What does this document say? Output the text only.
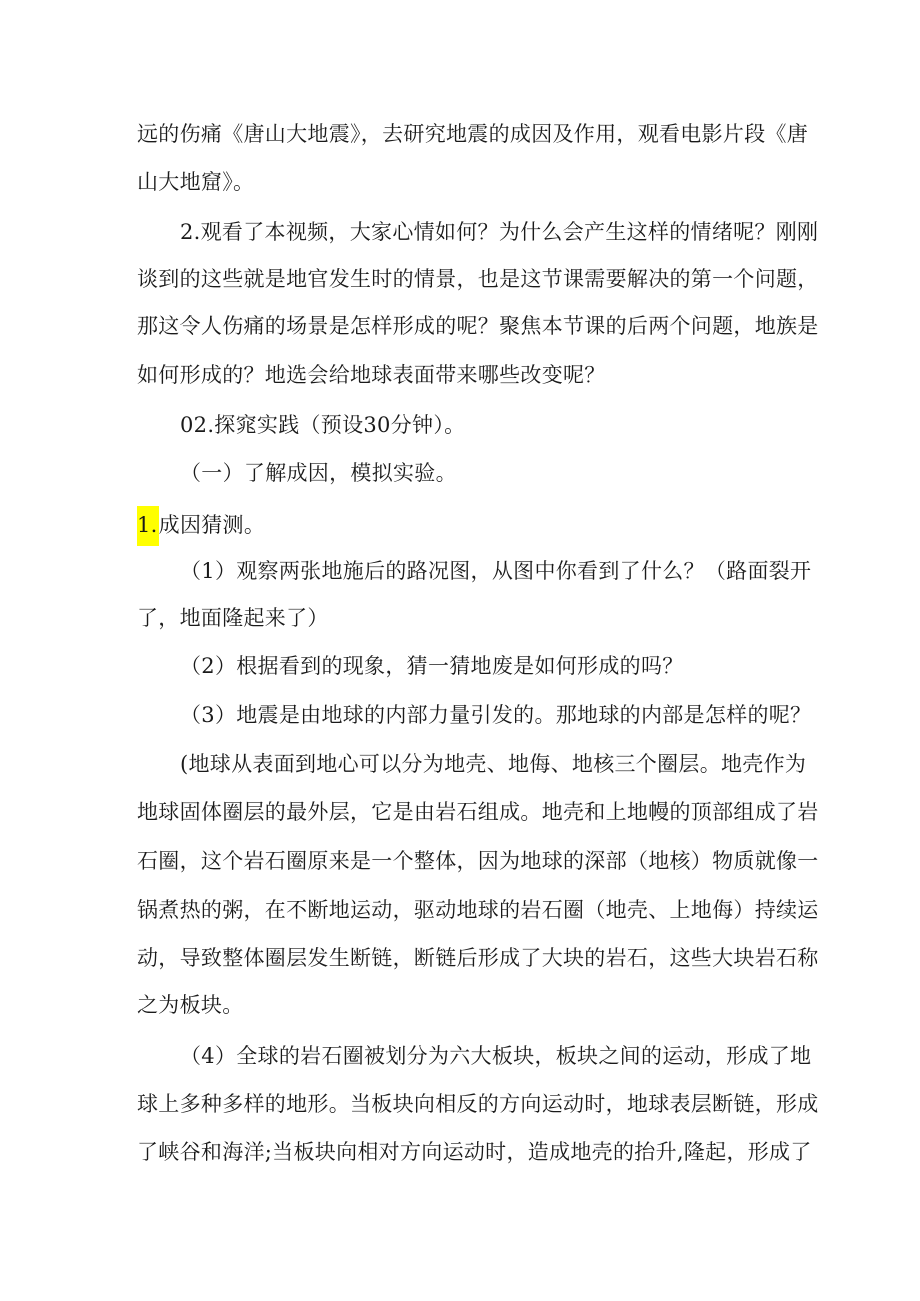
远的伤痛《唐山大地震》，去研究地震的成因及作用，观看电影片段《唐
山大地窟》。
2.观看了本视频，大家心情如何？为什么会产生这样的情绪呢？刚刚
谈到的这些就是地官发生时的情景，也是这节课需要解决的第一个问题，
那这令人伤痛的场景是怎样形成的呢？聚焦本节课的后两个问题，地族是
如何形成的？地选会给地球表面带来哪些改变呢？
02.探窕实践（预设30分钟）。
（一）了解成因，模拟实验。
1.成因猜测。
（1）观察两张地施后的路况图，从图中你看到了什么？（路面裂开
了，地面隆起来了）
（2）根据看到的现象，猜一猜地废是如何形成的吗？
（3）地震是由地球的内部力量引发的。那地球的内部是怎样的呢？
(地球从表面到地心可以分为地壳、地侮、地核三个圈层。地壳作为
地球固体圈层的最外层，它是由岩石组成。地壳和上地幔的顶部组成了岩
石圈，这个岩石圈原来是一个整体，因为地球的深部（地核）物质就像一
锅煮热的粥，在不断地运动，驱动地球的岩石圈（地壳、上地侮）持续运
动，导致整体圈层发生断链，断链后形成了大块的岩石，这些大块岩石称
之为板块。
（4）全球的岩石圈被划分为六大板块，板块之间的运动，形成了地
球上多种多样的地形。当板块向相反的方向运动时，地球表层断链，形成
了峡谷和海洋;当板块向相对方向运动时，造成地壳的抬升,隆起，形成了
